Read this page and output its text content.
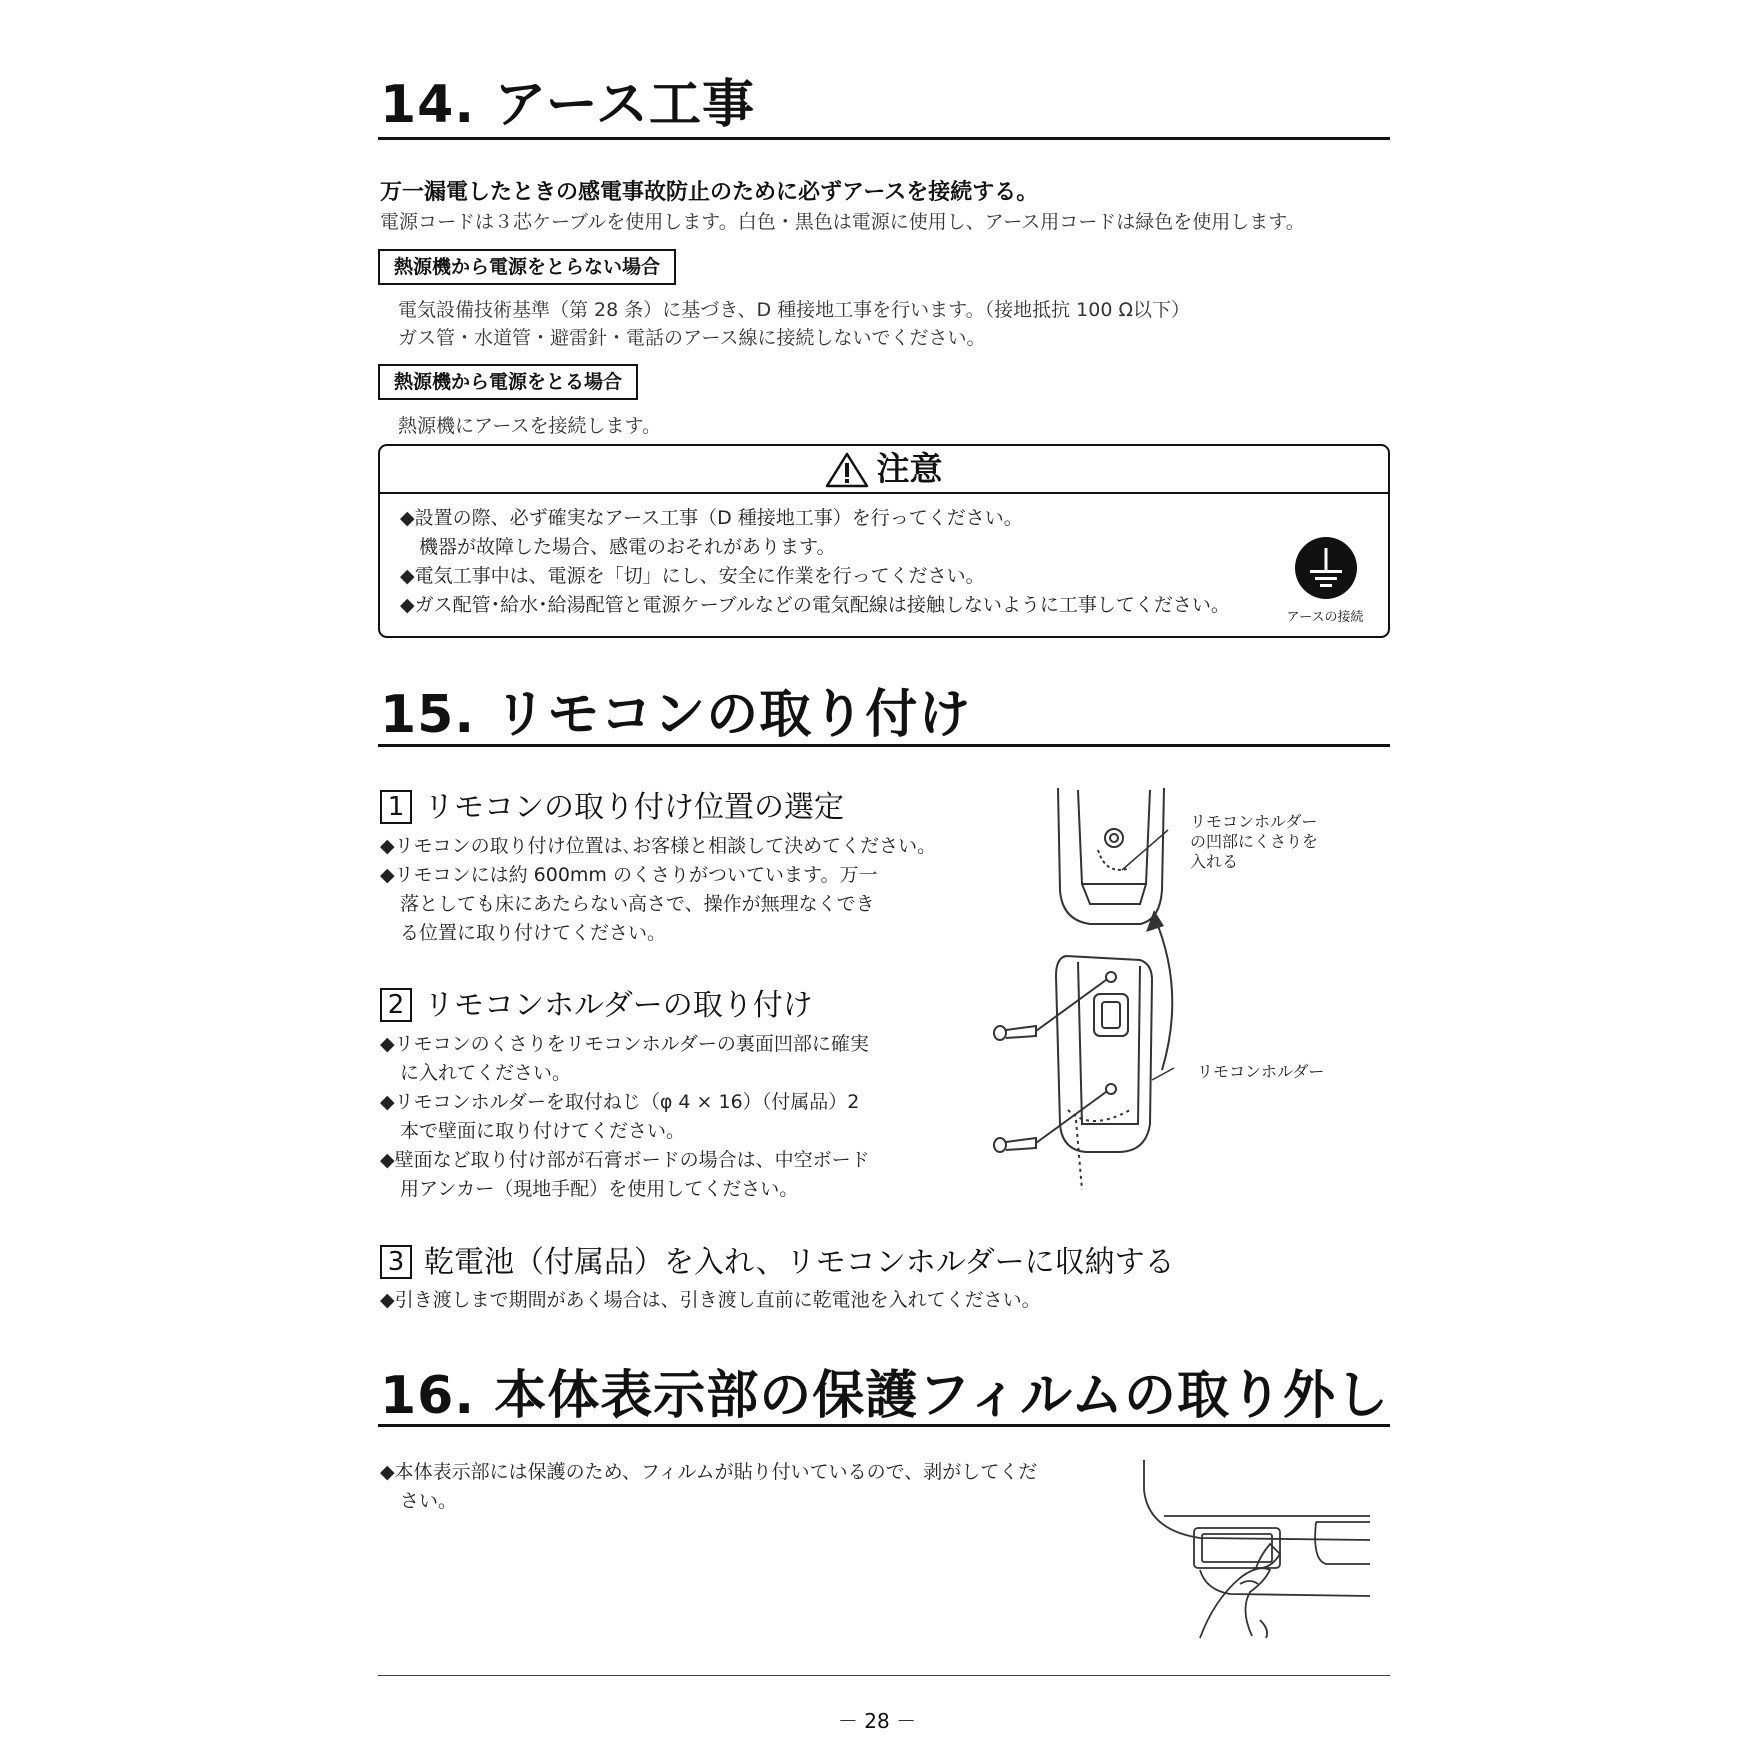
14. アース工事
万一漏電したときの感電事故防止のために必ずアースを接続する。
電源コードは３芯ケーブルを使用します。白色・黒色は電源に使用し、アース用コードは緑色を使用します。
熱源機から電源をとらない場合
電気設備技術基準（第 28 条）に基づき、D 種接地工事を行います。（接地抵抗 100 Ω以下）
ガス管・水道管・避雷針・電話のアース線に接続しないでください。
熱源機から電源をとる場合
熱源機にアースを接続します。
注意
◆設置の際、必ず確実なアース工事（D 種接地工事）を行ってください。
　機器が故障した場合、感電のおそれがあります。
◆電気工事中は、電源を「切」にし、安全に作業を行ってください。
◆ガス配管･給水･給湯配管と電源ケーブルなどの電気配線は接触しないように工事してください。
アースの接続
15. リモコンの取り付け
1 リモコンの取り付け位置の選定
◆リモコンの取り付け位置は､お客様と相談して決めてください｡
◆リモコンには約 600mm のくさりがついています。万一
落としても床にあたらない高さで、操作が無理なくでき
る位置に取り付けてください。
2 リモコンホルダーの取り付け
◆リモコンのくさりをリモコンホルダーの裏面凹部に確実
に入れてください。
◆リモコンホルダーを取付ねじ（φ 4 × 16）（付属品）2
本で壁面に取り付けてください。
◆壁面など取り付け部が石膏ボードの場合は、中空ボード
用アンカー（現地手配）を使用してください。
リモコンホルダー
の凹部にくさりを
入れる
リモコンホルダー
3 乾電池（付属品）を入れ、リモコンホルダーに収納する
◆引き渡しまで期間があく場合は、引き渡し直前に乾電池を入れてください。
16. 本体表示部の保護フィルムの取り外し
◆本体表示部には保護のため、フィルムが貼り付いているので、剥がしてくだ
さい。
－ 28 －
